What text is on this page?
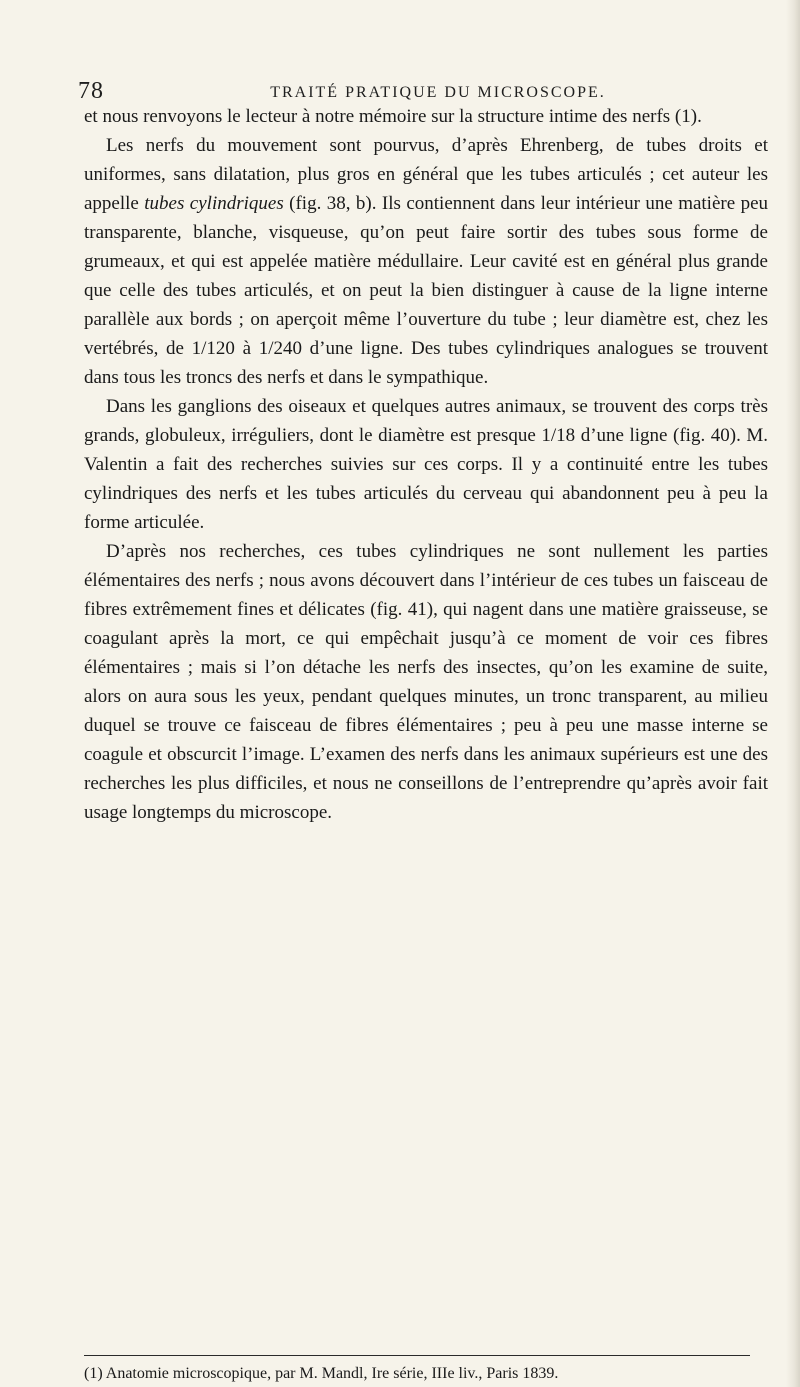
78	TRAITÉ PRATIQUE DU MICROSCOPE.

et nous renvoyons le lecteur à notre mémoire sur la structure intime des nerfs (1).

Les nerfs du mouvement sont pourvus, d’après Ehrenberg, de tubes droits et uniformes, sans dilatation, plus gros en général que les tubes articulés ; cet auteur les appelle tubes cylindriques (fig. 38, b). Ils contiennent dans leur intérieur une matière peu transparente, blanche, visqueuse, qu’on peut faire sortir des tubes sous forme de grumeaux, et qui est appelée matière médullaire. Leur cavité est en général plus grande que celle des tubes articulés, et on peut la bien distinguer à cause de la ligne interne parallèle aux bords ; on aperçoit même l’ouverture du tube ; leur diamètre est, chez les vertébrés, de 1/120 à 1/240 d’une ligne. Des tubes cylindriques analogues se trouvent dans tous les troncs des nerfs et dans le sympathique.

Dans les ganglions des oiseaux et quelques autres animaux, se trouvent des corps très grands, globuleux, irréguliers, dont le diamètre est presque 1/18 d’une ligne (fig. 40). M. Valentin a fait des recherches suivies sur ces corps. Il y a continuité entre les tubes cylindriques des nerfs et les tubes articulés du cerveau qui abandonnent peu à peu la forme articulée.

D’après nos recherches, ces tubes cylindriques ne sont nullement les parties élémentaires des nerfs ; nous avons découvert dans l’intérieur de ces tubes un faisceau de fibres extrêmement fines et délicates (fig. 41), qui nagent dans une matière graisseuse, se coagulant après la mort, ce qui empêchait jusqu’à ce moment de voir ces fibres élémentaires ; mais si l’on détache les nerfs des insectes, qu’on les examine de suite, alors on aura sous les yeux, pendant quelques minutes, un tronc transparent, au milieu duquel se trouve ce faisceau de fibres élémentaires ; peu à peu une masse interne se coagule et obscurcit l’image. L’examen des nerfs dans les animaux supérieurs est une des recherches les plus difficiles, et nous ne conseillons de l’entreprendre qu’après avoir fait usage longtemps du microscope.

(1) Anatomie microscopique, par M. Mandl, Ire série, IIIe liv., Paris 1839.
